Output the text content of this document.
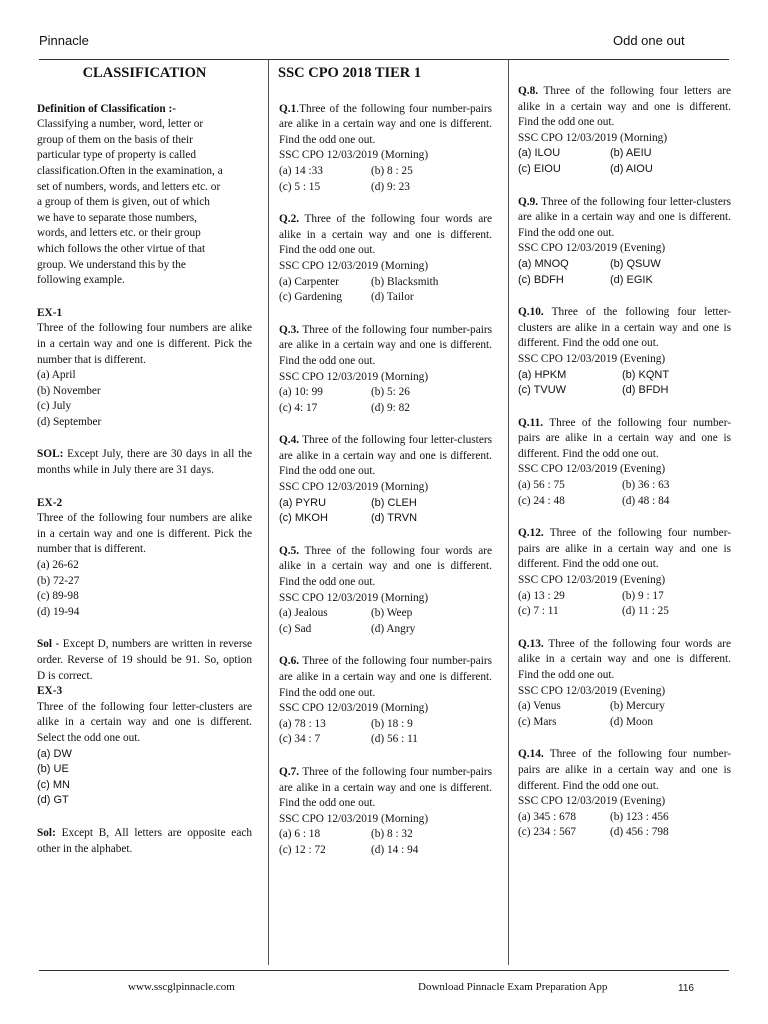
Pinnacle	Odd one out

CLASSIFICATION

Definition of Classification :-

Classifying a number, word, letter or

group of them on the basis of their

particular type of property is called

classification.Often in the examination, a

set of numbers, words, and letters etc. or

a group of them is given, out of which

we have to separate those numbers,

words, and letters etc. or their group

which follows the other virtue of that

group. We understand this by the

following example.

EX-1

Three of the following four numbers are alike in a certain way and one is different. Pick the number that is different.

(a) April

(b) November

(c) July

(d) September

SOL: Except July, there are 30 days in all the months while in July there are 31 days.

EX-2

Three of the following four numbers are alike in a certain way and one is different. Pick the number that is different.

(a) 26-62

(b) 72-27

(c) 89-98

(d) 19-94

Sol - Except D, numbers are written in reverse order. Reverse of 19 should be 91. So, option D is correct.

EX-3

Three of the following four letter-clusters are alike in a certain way and one is different. Select the odd one out.

(a) DW

(b) UE

(c) MN

(d) GT

Sol: Except B, All letters are opposite each other in the alphabet.

SSC CPO 2018 TIER 1

Q.1.Three of the following four number-pairs are alike in a certain way and one is different. Find the odd one out.

SSC CPO 12/03/2019 (Morning)

(a) 14 :33	(b) 8 : 25
(c) 5 : 15	(d) 9: 23

Q.2. Three of the following four words are alike in a certain way and one is different. Find the odd one out.

SSC CPO 12/03/2019 (Morning)

(a) Carpenter	(b) Blacksmith
(c) Gardening	(d) Tailor

Q.3. Three of the following four number-pairs are alike in a certain way and one is different. Find the odd one out.

SSC CPO 12/03/2019 (Morning)

(a) 10: 99	(b) 5: 26
(c) 4: 17	(d) 9: 82

Q.4. Three of the following four letter-clusters are alike in a certain way and one is different. Find the odd one out.

SSC CPO 12/03/2019 (Morning)

(a) PYRU	(b) CLEH
(c) MKOH	(d) TRVN

Q.5. Three of the following four words are alike in a certain way and one is different. Find the odd one out.

SSC CPO 12/03/2019 (Morning)

(a) Jealous	(b) Weep
(c) Sad	(d) Angry

Q.6. Three of the following four number-pairs are alike in a certain way and one is different. Find the odd one out.

SSC CPO 12/03/2019 (Morning)

(a) 78 : 13	(b) 18 : 9
(c) 34 : 7	(d) 56 : 11

Q.7. Three of the following four number-pairs are alike in a certain way and one is different. Find the odd one out.

SSC CPO 12/03/2019 (Morning)

(a) 6 : 18	(b) 8 : 32
(c) 12 : 72	(d) 14 : 94

Q.8. Three of the following four letters are alike in a certain way and one is different. Find the odd one out.

SSC CPO 12/03/2019 (Morning)

(a) ILOU	(b) AEIU
(c) EIOU	(d) AIOU

Q.9. Three of the following four letter-clusters are alike in a certain way and one is different. Find the odd one out.

SSC CPO 12/03/2019 (Evening)

(a) MNOQ	(b) QSUW
(c) BDFH	(d) EGIK

Q.10. Three of the following four letter-clusters are alike in a certain way and one is different. Find the odd one out.

SSC CPO 12/03/2019 (Evening)

(a) HPKM	(b) KQNT
(c) TVUW	(d) BFDH

Q.11. Three of the following four number-pairs are alike in a certain way and one is different. Find the odd one out.

SSC CPO 12/03/2019 (Evening)

(a) 56 : 75	(b) 36 : 63
(c) 24 : 48	(d) 48 : 84

Q.12. Three of the following four number-pairs are alike in a certain way and one is different. Find the odd one out.

SSC CPO 12/03/2019 (Evening)

(a) 13 : 29	(b) 9 : 17
(c) 7 : 11	(d) 11 : 25

Q.13. Three of the following four words are alike in a certain way and one is different. Find the odd one out.

SSC CPO 12/03/2019 (Evening)

(a) Venus	(b) Mercury
(c) Mars	(d) Moon

Q.14. Three of the following four number-pairs are alike in a certain way and one is different. Find the odd one out.

SSC CPO 12/03/2019 (Evening)

(a) 345 : 678	(b) 123 : 456
(c) 234 : 567	(d) 456 : 798
www.sscglpinnacle.com	Download Pinnacle Exam Preparation App	116
